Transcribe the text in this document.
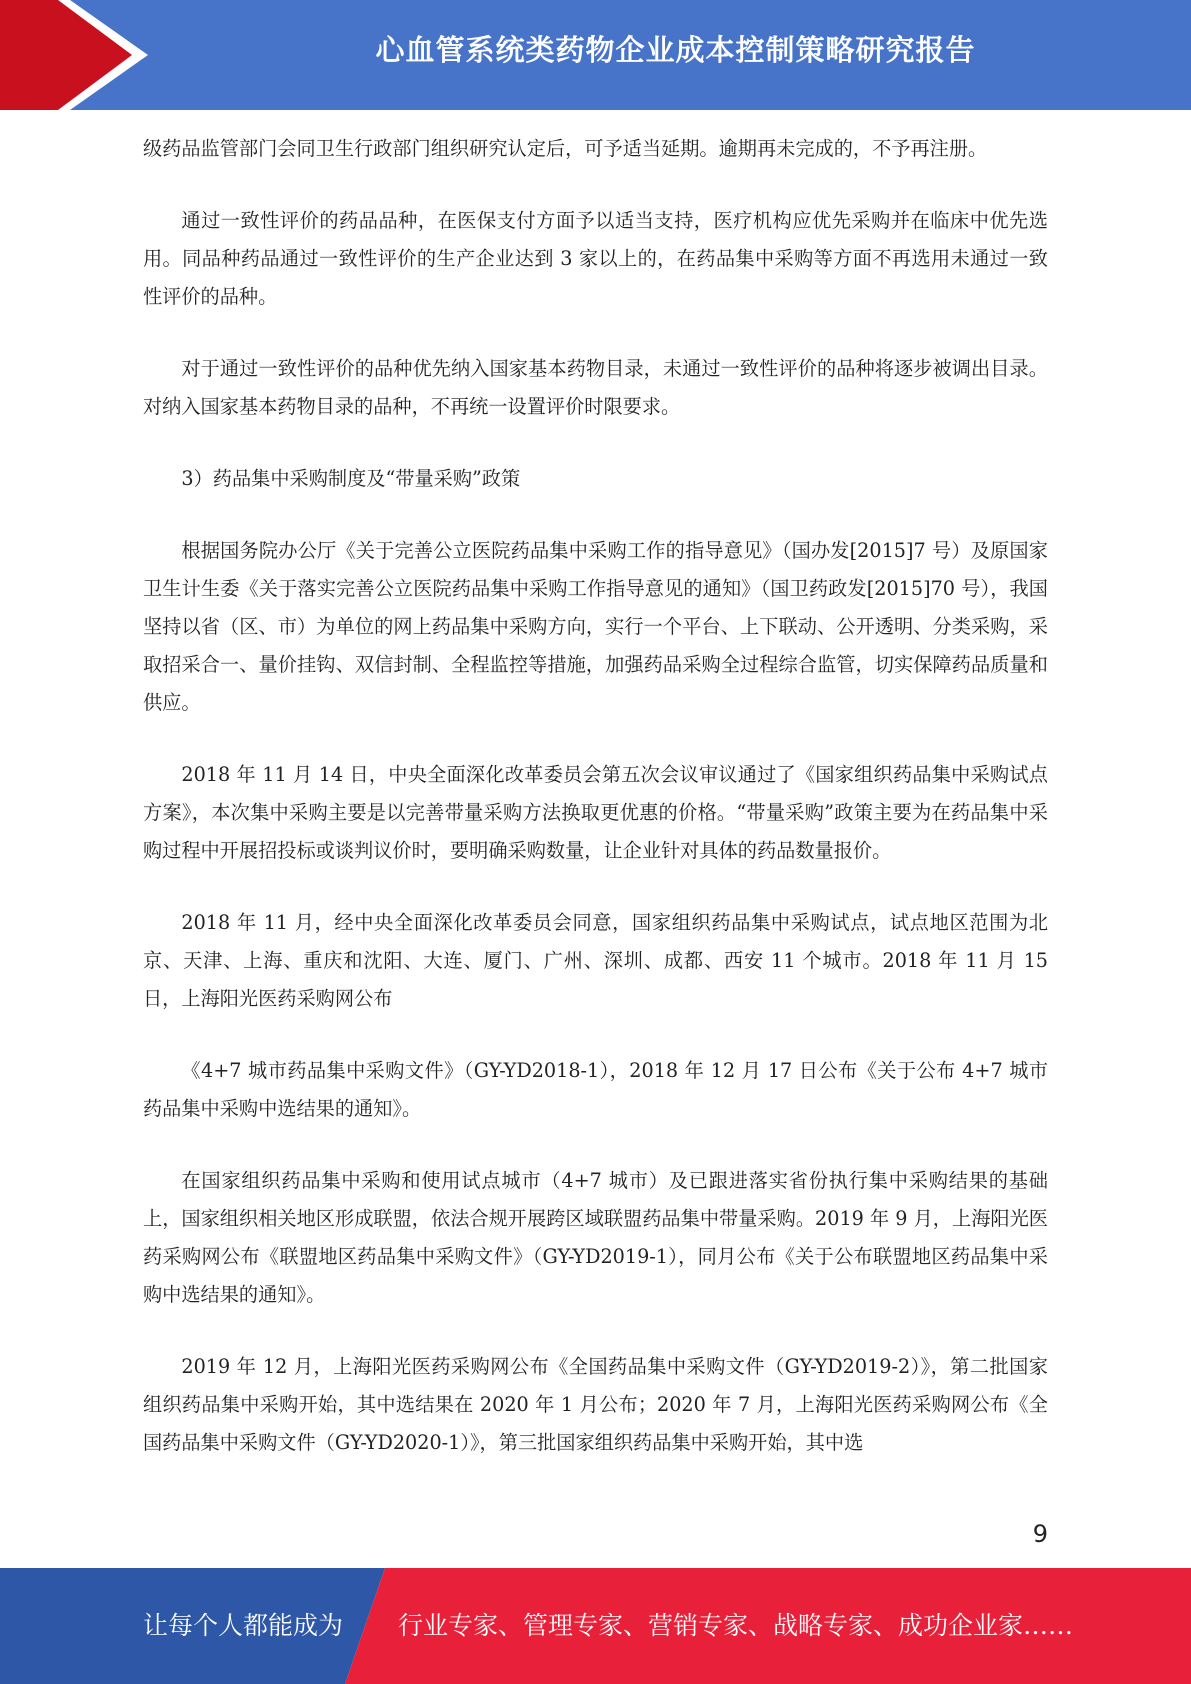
心血管系统类药物企业成本控制策略研究报告

级药品监管部门会同卫生行政部门组织研究认定后，可予适当延期。逾期再未完成的，不予再注册。

通过一致性评价的药品品种，在医保支付方面予以适当支持，医疗机构应优先采购并在临床中优先选用。同品种药品通过一致性评价的生产企业达到 3 家以上的，在药品集中采购等方面不再选用未通过一致性评价的品种。

对于通过一致性评价的品种优先纳入国家基本药物目录，未通过一致性评价的品种将逐步被调出目录。对纳入国家基本药物目录的品种，不再统一设置评价时限要求。

3）药品集中采购制度及“带量采购”政策

根据国务院办公厅《关于完善公立医院药品集中采购工作的指导意见》（国办发[2015]7 号）及原国家卫生计生委《关于落实完善公立医院药品集中采购工作指导意见的通知》（国卫药政发[2015]70 号），我国坚持以省（区、市）为单位的网上药品集中采购方向，实行一个平台、上下联动、公开透明、分类采购，采取招采合一、量价挂钩、双信封制、全程监控等措施，加强药品采购全过程综合监管，切实保障药品质量和供应。

2018 年 11 月 14 日，中央全面深化改革委员会第五次会议审议通过了《国家组织药品集中采购试点方案》，本次集中采购主要是以完善带量采购方法换取更优惠的价格。“带量采购”政策主要为在药品集中采购过程中开展招投标或谈判议价时，要明确采购数量，让企业针对具体的药品数量报价。

2018 年 11 月，经中央全面深化改革委员会同意，国家组织药品集中采购试点，试点地区范围为北京、天津、上海、重庆和沈阳、大连、厦门、广州、深圳、成都、西安 11 个城市。2018 年 11 月 15 日，上海阳光医药采购网公布

《4+7 城市药品集中采购文件》（GY-YD2018-1），2018 年 12 月 17 日公布《关于公布 4+7 城市药品集中采购中选结果的通知》。

在国家组织药品集中采购和使用试点城市（4+7 城市）及已跟进落实省份执行集中采购结果的基础上，国家组织相关地区形成联盟，依法合规开展跨区域联盟药品集中带量采购。2019 年 9 月，上海阳光医药采购网公布《联盟地区药品集中采购文件》（GY-YD2019-1），同月公布《关于公布联盟地区药品集中采购中选结果的通知》。

2019 年 12 月，上海阳光医药采购网公布《全国药品集中采购文件（GY-YD2019-2）》，第二批国家组织药品集中采购开始，其中选结果在 2020 年 1 月公布；2020 年 7 月，上海阳光医药采购网公布《全国药品集中采购文件（GY-YD2020-1）》，第三批国家组织药品集中采购开始，其中选

9
让每个人都能成为 行业专家、管理专家、营销专家、战略专家、成功企业家……
